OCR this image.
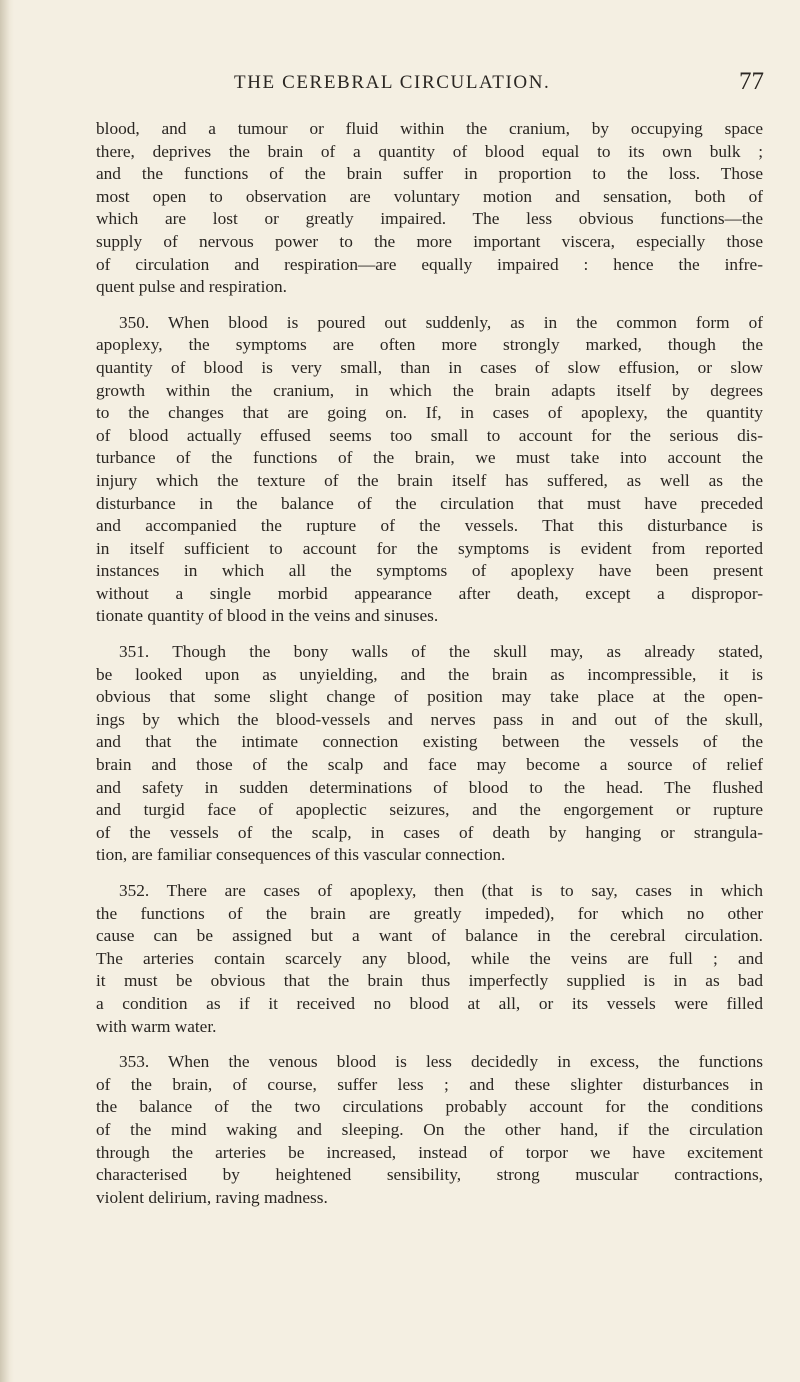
THE CEREBRAL CIRCULATION.	77
blood, and a tumour or fluid within the cranium, by occupying space
there, deprives the brain of a quantity of blood equal to its own bulk ;
and the functions of the brain suffer in proportion to the loss. Those
most open to observation are voluntary motion and sensation, both of
which are lost or greatly impaired. The less obvious functions—the
supply of nervous power to the more important viscera, especially those
of circulation and respiration—are equally impaired : hence the infre-
quent pulse and respiration.
350. When blood is poured out suddenly, as in the common form of
apoplexy, the symptoms are often more strongly marked, though the
quantity of blood is very small, than in cases of slow effusion, or slow
growth within the cranium, in which the brain adapts itself by degrees
to the changes that are going on. If, in cases of apoplexy, the quantity
of blood actually effused seems too small to account for the serious dis-
turbance of the functions of the brain, we must take into account the
injury which the texture of the brain itself has suffered, as well as the
disturbance in the balance of the circulation that must have preceded
and accompanied the rupture of the vessels. That this disturbance is
in itself sufficient to account for the symptoms is evident from reported
instances in which all the symptoms of apoplexy have been present
without a single morbid appearance after death, except a dispropor-
tionate quantity of blood in the veins and sinuses.
351. Though the bony walls of the skull may, as already stated,
be looked upon as unyielding, and the brain as incompressible, it is
obvious that some slight change of position may take place at the open-
ings by which the blood-vessels and nerves pass in and out of the skull,
and that the intimate connection existing between the vessels of the
brain and those of the scalp and face may become a source of relief
and safety in sudden determinations of blood to the head. The flushed
and turgid face of apoplectic seizures, and the engorgement or rupture
of the vessels of the scalp, in cases of death by hanging or strangula-
tion, are familiar consequences of this vascular connection.
352. There are cases of apoplexy, then (that is to say, cases in which
the functions of the brain are greatly impeded), for which no other
cause can be assigned but a want of balance in the cerebral circulation.
The arteries contain scarcely any blood, while the veins are full ; and
it must be obvious that the brain thus imperfectly supplied is in as bad
a condition as if it received no blood at all, or its vessels were filled
with warm water.
353. When the venous blood is less decidedly in excess, the functions
of the brain, of course, suffer less ; and these slighter disturbances in
the balance of the two circulations probably account for the conditions
of the mind waking and sleeping. On the other hand, if the circulation
through the arteries be increased, instead of torpor we have excitement
characterised by heightened sensibility, strong muscular contractions,
violent delirium, raving madness.
